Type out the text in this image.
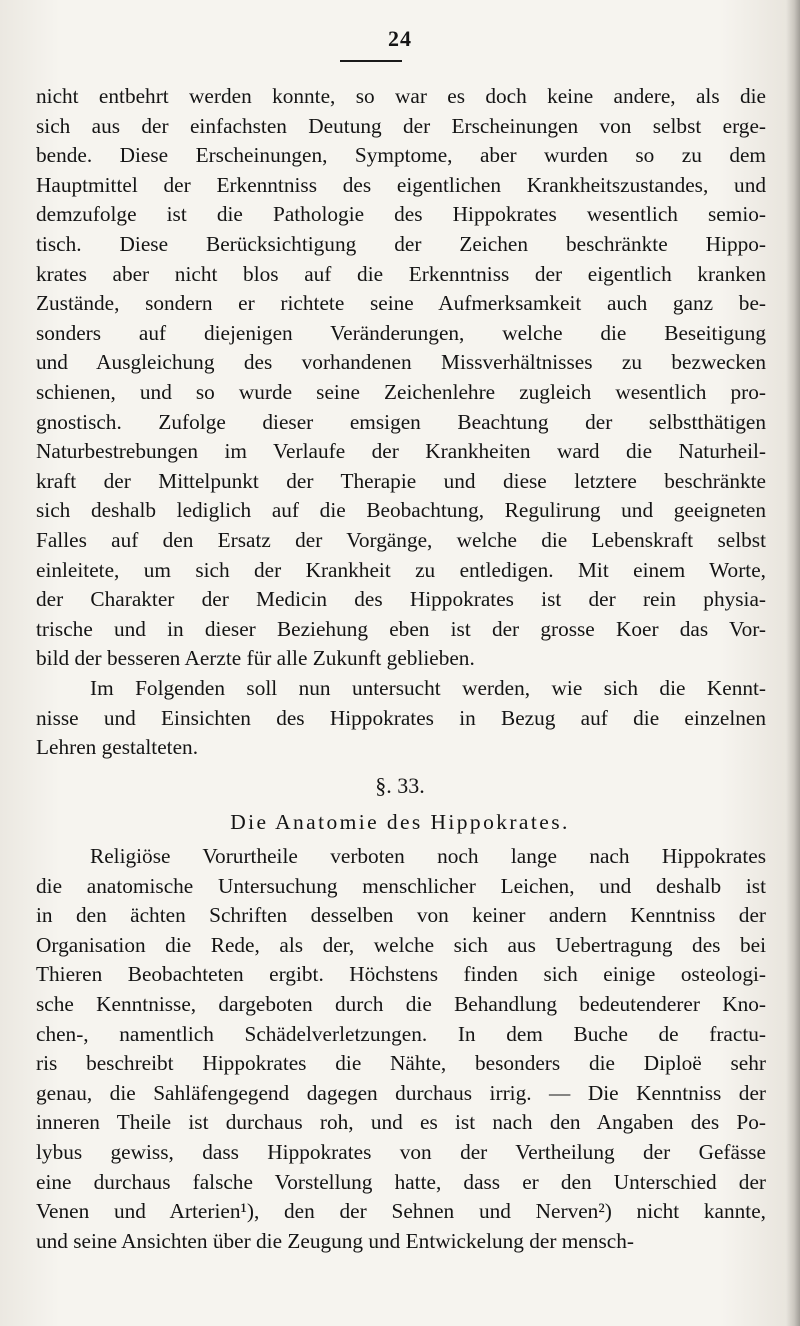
24
nicht entbehrt werden konnte, so war es doch keine andere, als die
sich aus der einfachsten Deutung der Erscheinungen von selbst erge-
bende. Diese Erscheinungen, Symptome, aber wurden so zu dem
Hauptmittel der Erkenntniss des eigentlichen Krankheitszustandes, und
demzufolge ist die Pathologie des Hippokrates wesentlich semio-
tisch. Diese Berücksichtigung der Zeichen beschränkte Hippo-
krates aber nicht blos auf die Erkenntniss der eigentlich kranken
Zustände, sondern er richtete seine Aufmerksamkeit auch ganz be-
sonders auf diejenigen Veränderungen, welche die Beseitigung
und Ausgleichung des vorhandenen Missverhältnisses zu bezwecken
schienen, und so wurde seine Zeichenlehre zugleich wesentlich pro-
gnostisch. Zufolge dieser emsigen Beachtung der selbstthätigen
Naturbestrebungen im Verlaufe der Krankheiten ward die Naturheil-
kraft der Mittelpunkt der Therapie und diese letztere beschränkte
sich deshalb lediglich auf die Beobachtung, Regulirung und geeigneten
Falles auf den Ersatz der Vorgänge, welche die Lebenskraft selbst
einleitete, um sich der Krankheit zu entledigen. Mit einem Worte,
der Charakter der Medicin des Hippokrates ist der rein physia-
trische und in dieser Beziehung eben ist der grosse Koer das Vor-
bild der besseren Aerzte für alle Zukunft geblieben.
Im Folgenden soll nun untersucht werden, wie sich die Kennt-
nisse und Einsichten des Hippokrates in Bezug auf die einzelnen
Lehren gestalteten.
§. 33.
Die Anatomie des Hippokrates.
Religiöse Vorurtheile verboten noch lange nach Hippokrates
die anatomische Untersuchung menschlicher Leichen, und deshalb ist
in den ächten Schriften desselben von keiner andern Kenntniss der
Organisation die Rede, als der, welche sich aus Uebertragung des bei
Thieren Beobachteten ergibt. Höchstens finden sich einige osteologi-
sche Kenntnisse, dargeboten durch die Behandlung bedeutenderer Kno-
chen-, namentlich Schädelverletzungen. In dem Buche de fractu-
ris beschreibt Hippokrates die Nähte, besonders die Diploë sehr
genau, die Sahläfengegend dagegen durchaus irrig. — Die Kenntniss der
inneren Theile ist durchaus roh, und es ist nach den Angaben des Po-
lybus gewiss, dass Hippokrates von der Vertheilung der Gefässe
eine durchaus falsche Vorstellung hatte, dass er den Unterschied der
Venen und Arterien¹), den der Sehnen und Nerven²) nicht kannte,
und seine Ansichten über die Zeugung und Entwickelung der mensch-
